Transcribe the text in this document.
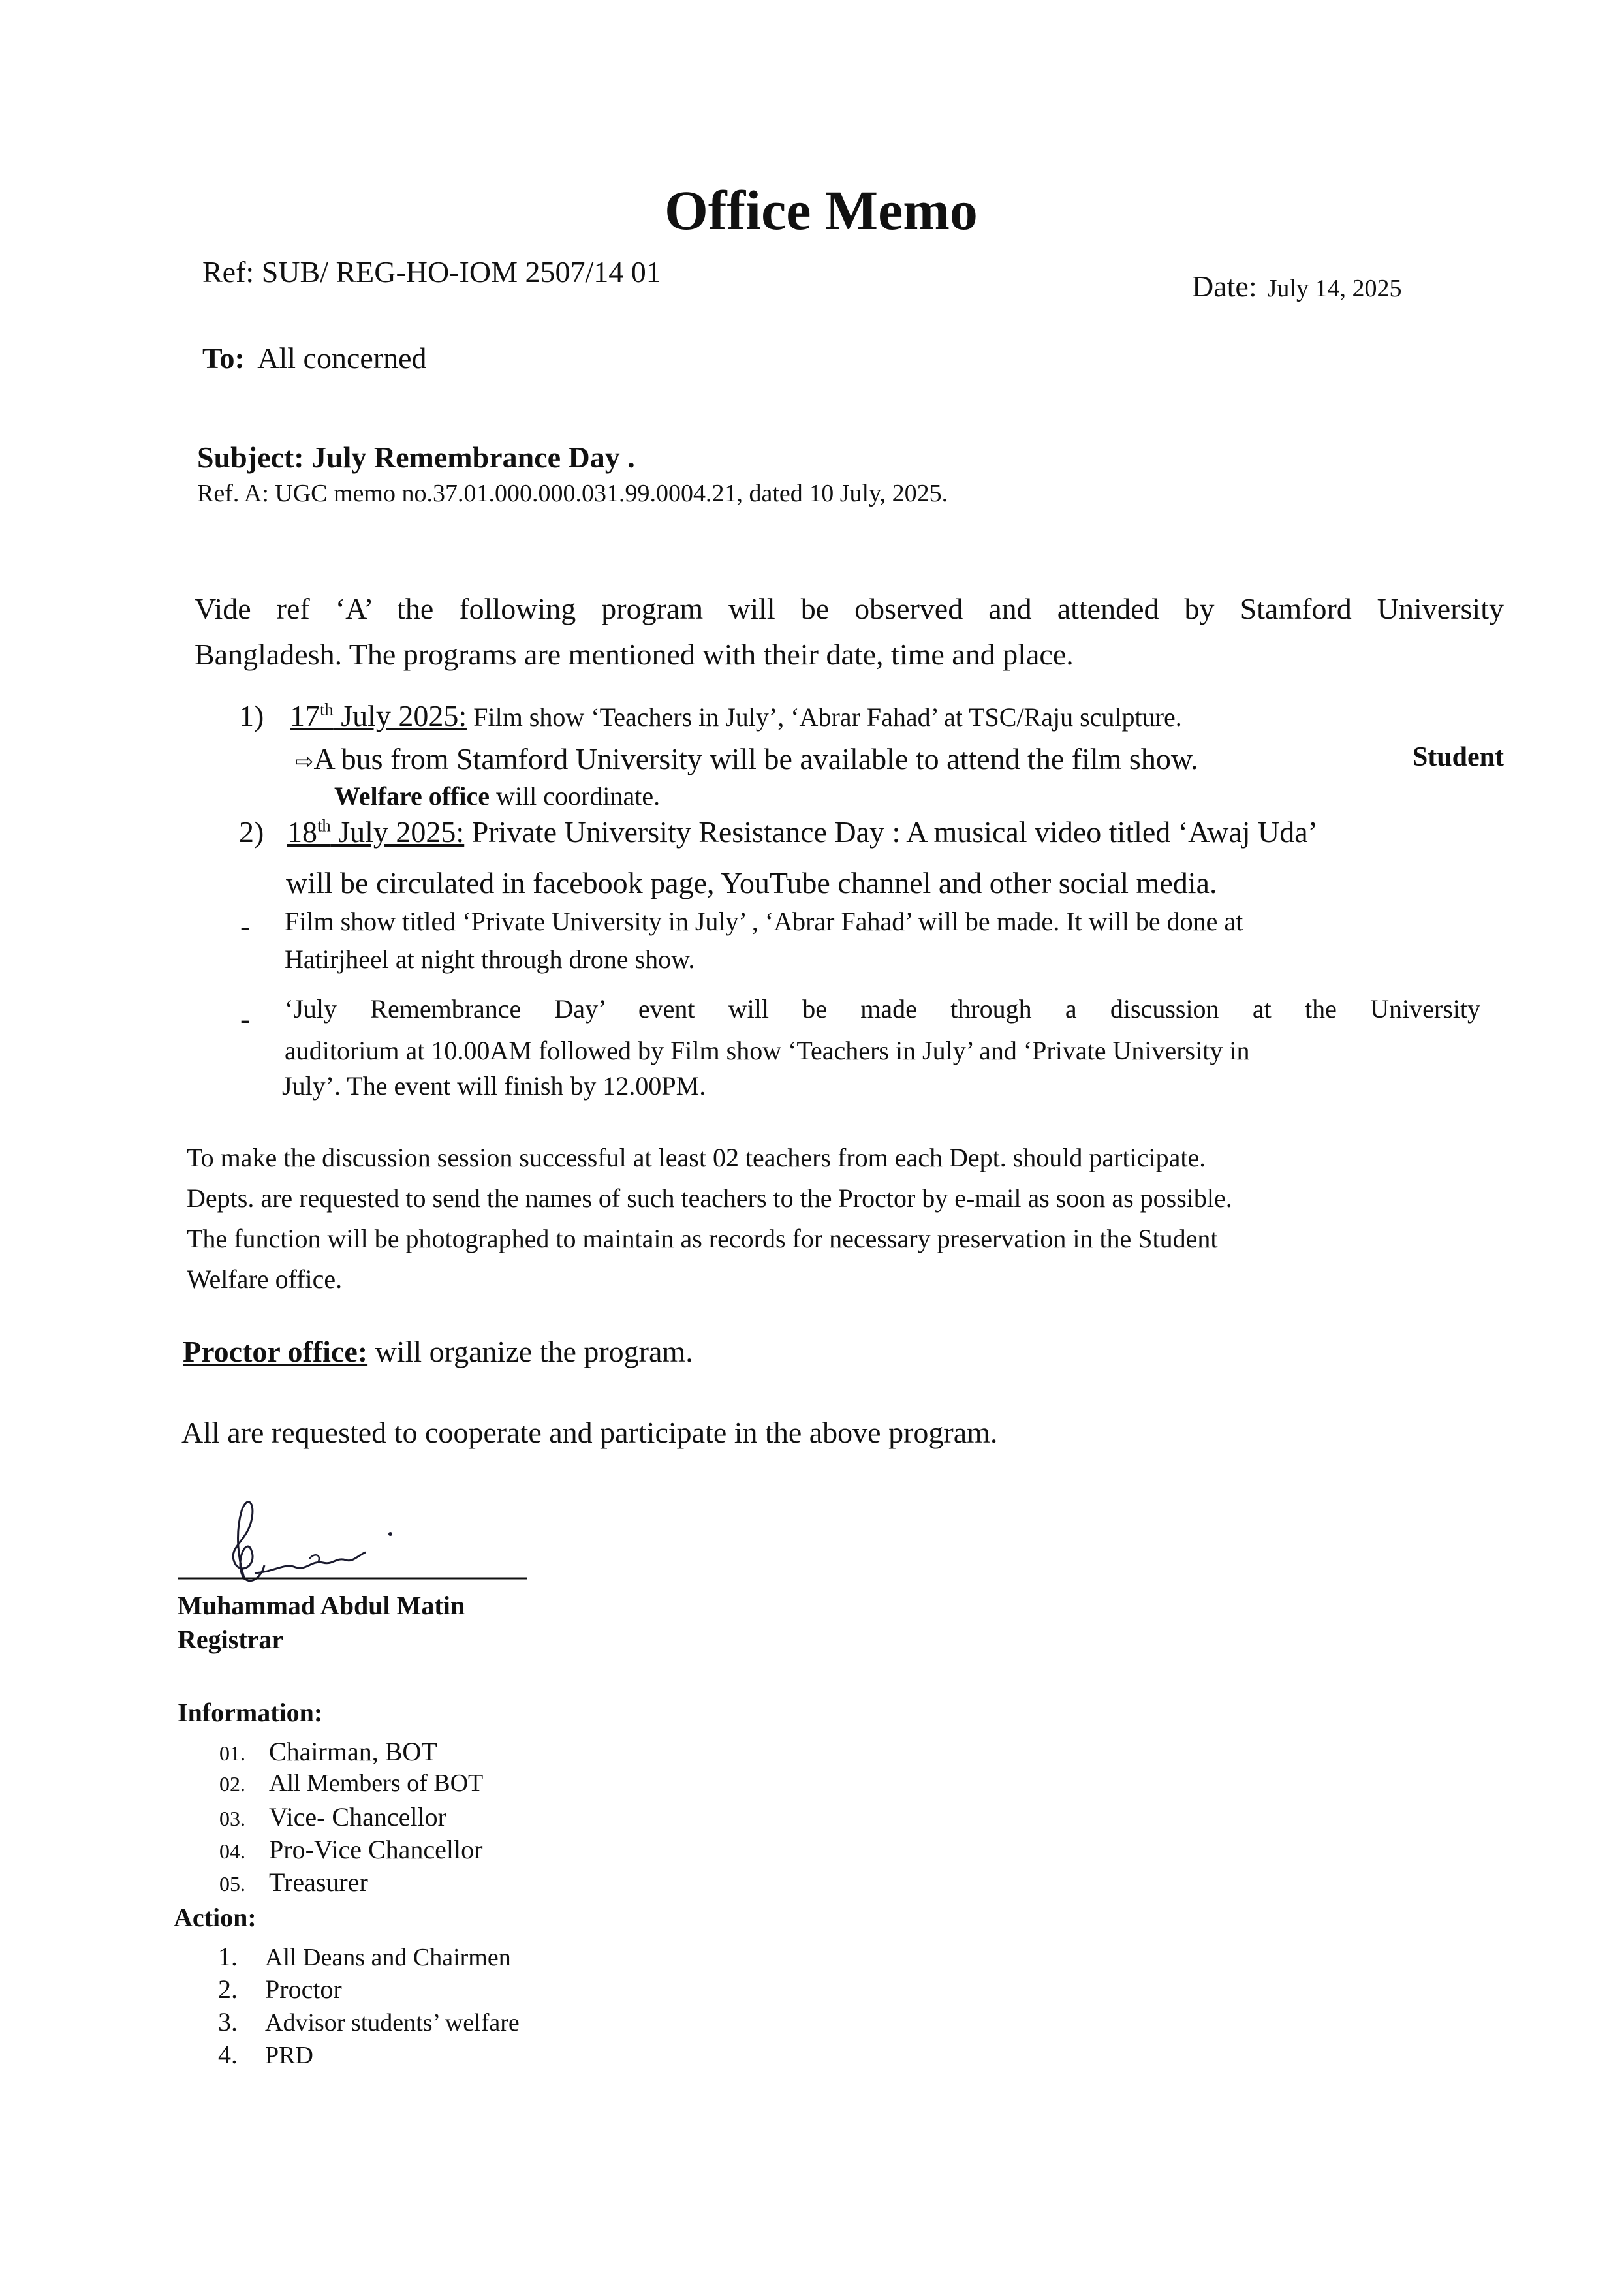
Office Memo
Ref: SUB/ REG-HO-IOM 2507/14 01	Date: July 14, 2025
To: All concerned
Subject: July Remembrance Day .
Ref. A: UGC memo no.37.01.000.000.031.99.0004.21, dated 10 July, 2025.
Vide ref ‘A’ the following program will be observed and attended by Stamford University
Bangladesh. The programs are mentioned with their date, time and place.
1) 17th July 2025: Film show ‘Teachers in July’, ‘Abrar Fahad’ at TSC/Raju sculpture.
⇨A bus from Stamford University will be available to attend the film show.	Student
Welfare office will coordinate.
2) 18th July 2025: Private University Resistance Day : A musical video titled ‘Awaj Uda’
will be circulated in facebook page, YouTube channel and other social media.
- Film show titled ‘Private University in July’ , ‘Abrar Fahad’ will be made. It will be done at
Hatirjheel at night through drone show.
- ‘July Remembrance Day’ event will be made through a discussion at the University
auditorium at 10.00AM followed by Film show ‘Teachers in July’ and ‘Private University in
July’. The event will finish by 12.00PM.
To make the discussion session successful at least 02 teachers from each Dept. should participate.
Depts. are requested to send the names of such teachers to the Proctor by e-mail as soon as possible.
The function will be photographed to maintain as records for necessary preservation in the Student
Welfare office.
Proctor office: will organize the program.
All are requested to cooperate and participate in the above program.
Muhammad Abdul Matin
Registrar
Information:
01. Chairman, BOT
02. All Members of BOT
03. Vice- Chancellor
04. Pro-Vice Chancellor
05. Treasurer
Action:
1.	All Deans and Chairmen
2.	Proctor
3.	Advisor students’ welfare
4.	PRD
